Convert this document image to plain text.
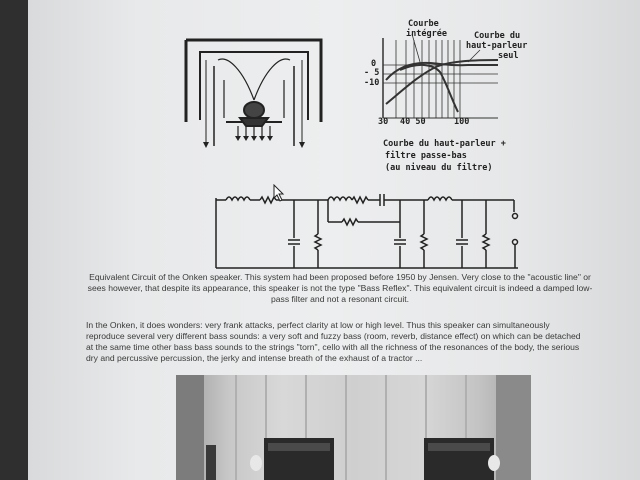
Courbe
intégrée	Courbe du
haut-parleur
seul
0
- 5
-10
30 40 50	100
Courbe du haut-parleur +
filtre passe-bas
(au niveau du filtre)
Equivalent Circuit of the Onken speaker. This system had been proposed before 1950 by Jensen. Very close to the "acoustic line" or sees however, that despite its appearance, this speaker is not the type "Bass Reflex". This equivalent circuit is indeed a damped low-pass filter and not a resonant circuit.
In the Onken, it does wonders: very frank attacks, perfect clarity at low or high level. Thus this speaker can simultaneously reproduce several very different bass sounds: a very soft and fuzzy bass (room, reverb, distance effect) on which can be detached at the same time other bass bass sounds to the strings "torn", cello with all the richness of the resonances of the body, the serious dry and percussive percussion, the jerky and intense breath of the exhaust of a tractor ...
